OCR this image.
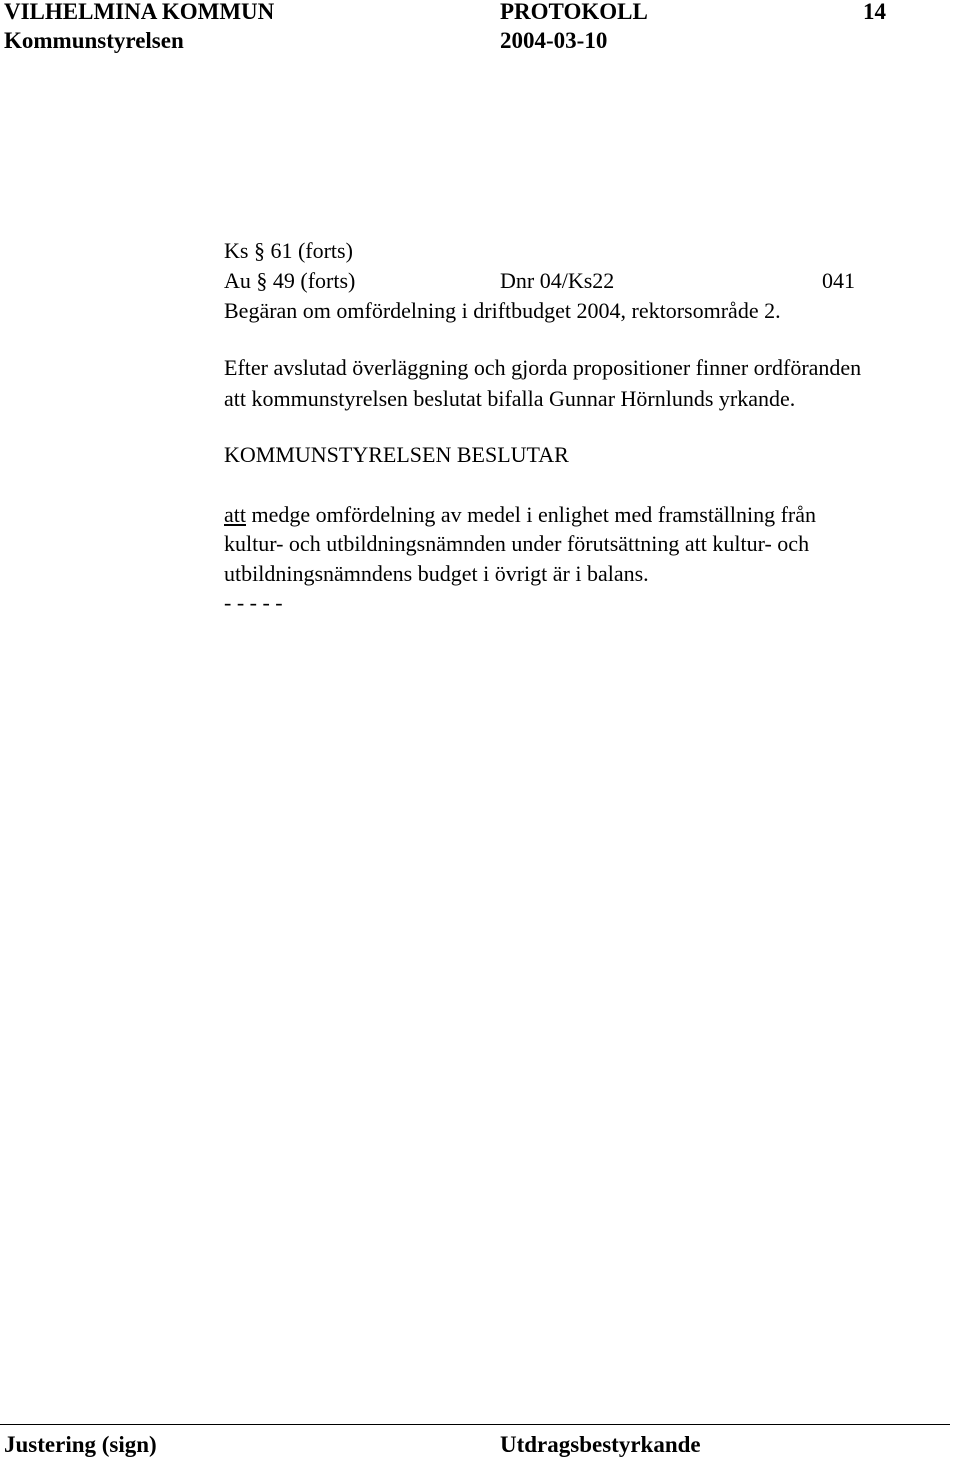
VILHELMINA KOMMUN	PROTOKOLL	14
Kommunstyrelsen	2004-03-10
Ks § 61 (forts)
Au § 49 (forts)	Dnr 04/Ks22	041
Begäran om omfördelning i driftbudget 2004, rektorsområde 2.
Efter avslutad överläggning och gjorda propositioner finner ordföranden
att kommunstyrelsen beslutat bifalla Gunnar Hörnlunds yrkande.
KOMMUNSTYRELSEN BESLUTAR
att medge omfördelning av medel i enlighet med framställning från
kultur- och utbildningsnämnden under förutsättning att kultur- och
utbildningsnämndens budget i övrigt är i balans.
- - - - -
Justering (sign)	Utdragsbestyrkande
